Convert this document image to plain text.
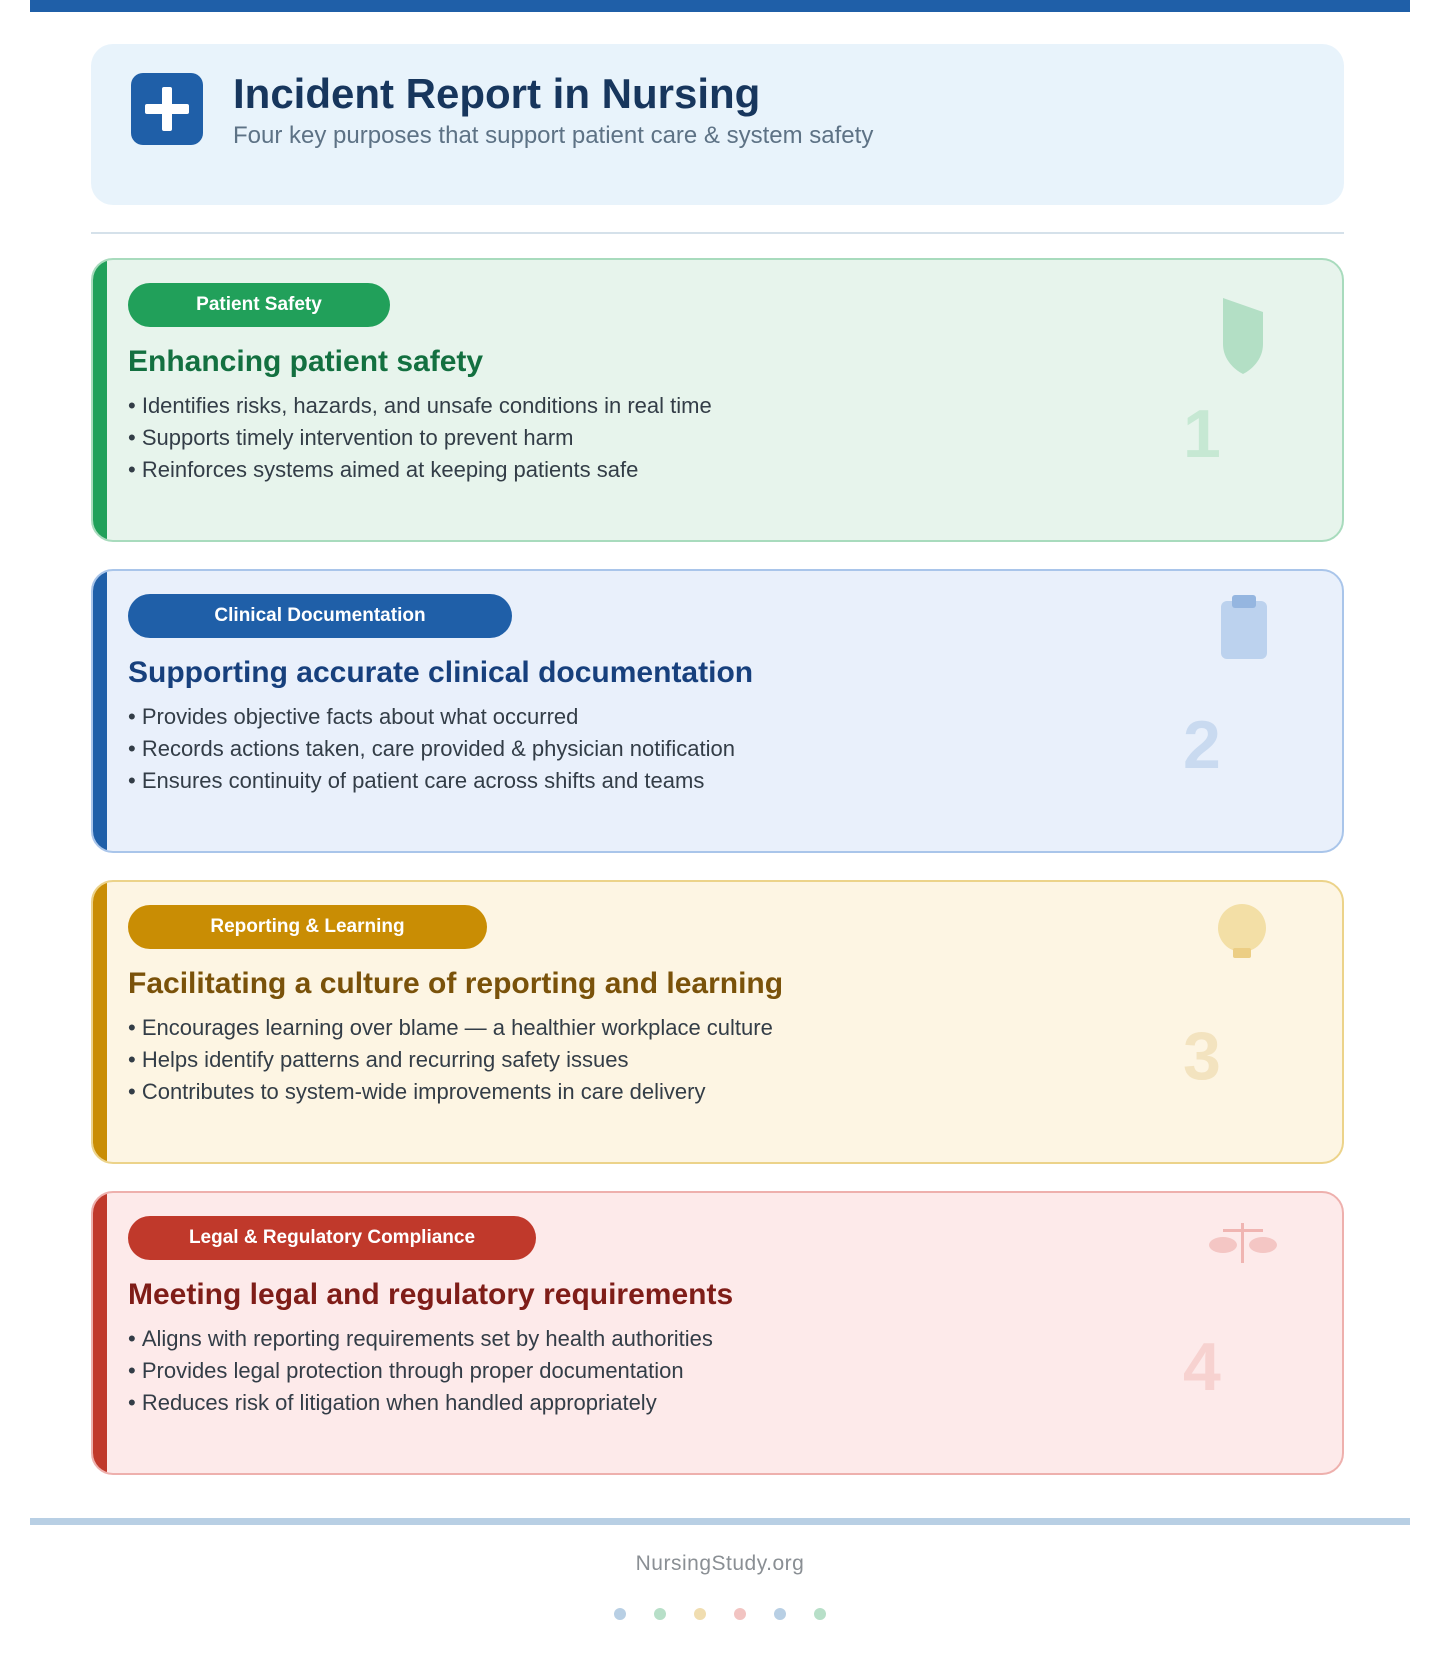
Incident Report in Nursing
Four key purposes that support patient care & system safety
Patient Safety
Enhancing patient safety
• Identifies risks, hazards, and unsafe conditions in real time
• Supports timely intervention to prevent harm
• Reinforces systems aimed at keeping patients safe	1
Clinical Documentation
Supporting accurate clinical documentation
• Provides objective facts about what occurred
• Records actions taken, care provided & physician notification
• Ensures continuity of patient care across shifts and teams	2
Reporting & Learning
Facilitating a culture of reporting and learning
• Encourages learning over blame — a healthier workplace culture
• Helps identify patterns and recurring safety issues
• Contributes to system-wide improvements in care delivery	3
Legal & Regulatory Compliance
Meeting legal and regulatory requirements
• Aligns with reporting requirements set by health authorities
• Provides legal protection through proper documentation
• Reduces risk of litigation when handled appropriately	4
NursingStudy.org
